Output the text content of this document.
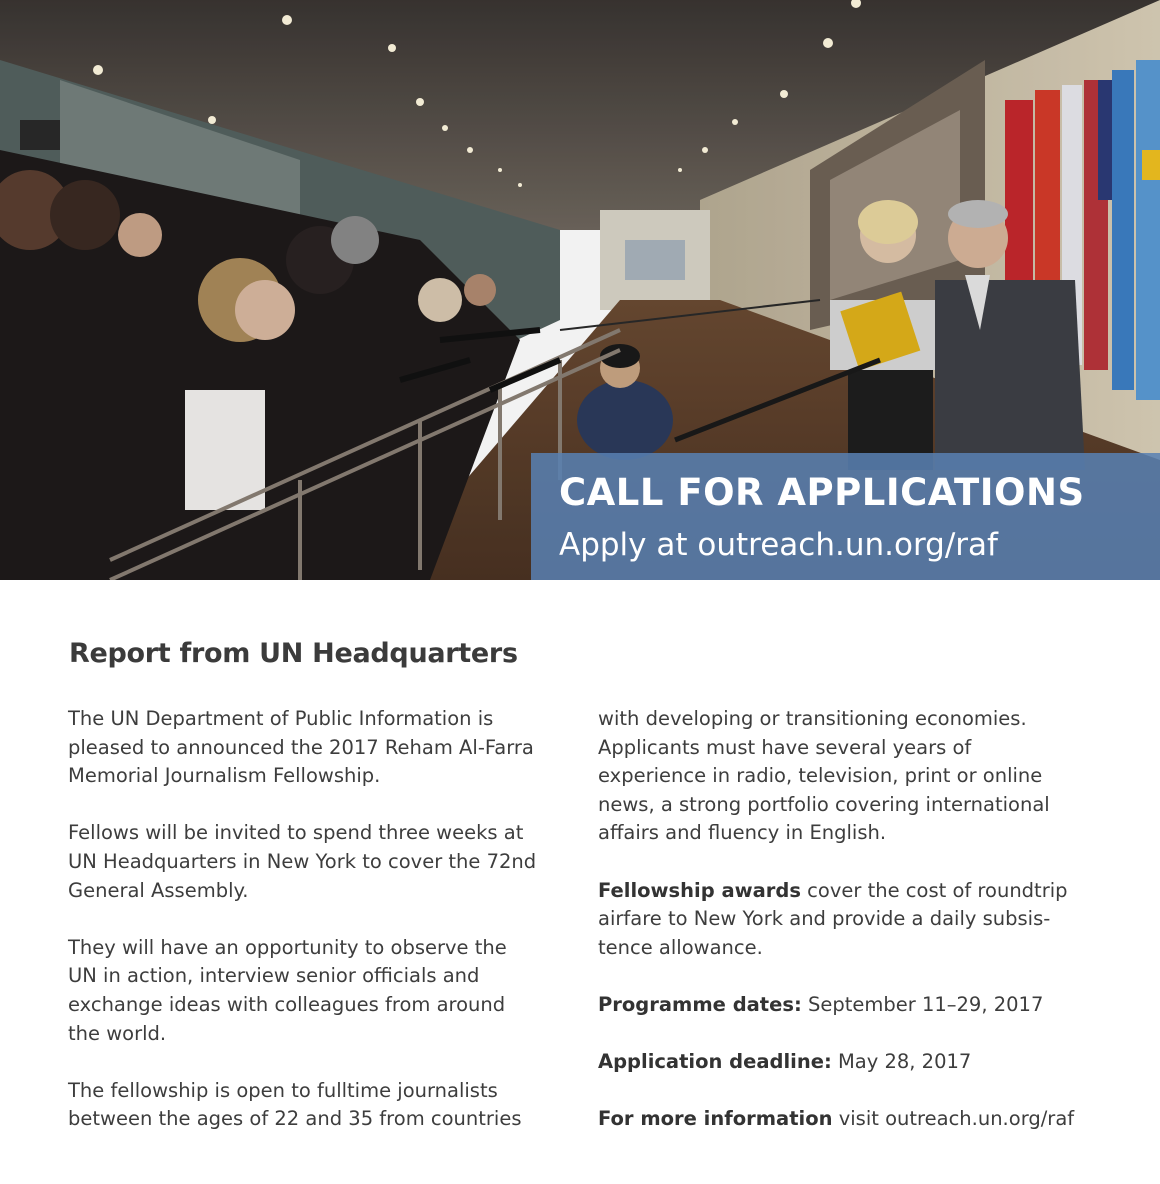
CALL FOR APPLICATIONS
Apply at outreach.un.org/raf
Report from UN Headquarters

The UN Department of Public Information is
pleased to announced the 2017 Reham Al-Farra
Memorial Journalism Fellowship.

Fellows will be invited to spend three weeks at
UN Headquarters in New York to cover the 72nd
General Assembly.

They will have an opportunity to observe the
UN in action, interview senior officials and
exchange ideas with colleagues from around
the world.

The fellowship is open to fulltime journalists
between the ages of 22 and 35 from countries

with developing or transitioning economies.
Applicants must have several years of
experience in radio, television, print or online
news, a strong portfolio covering international
affairs and fluency in English.

Fellowship awards cover the cost of roundtrip
airfare to New York and provide a daily subsis-
tence allowance.

Programme dates: September 11–29, 2017

Application deadline: May 28, 2017

For more information visit outreach.un.org/raf
